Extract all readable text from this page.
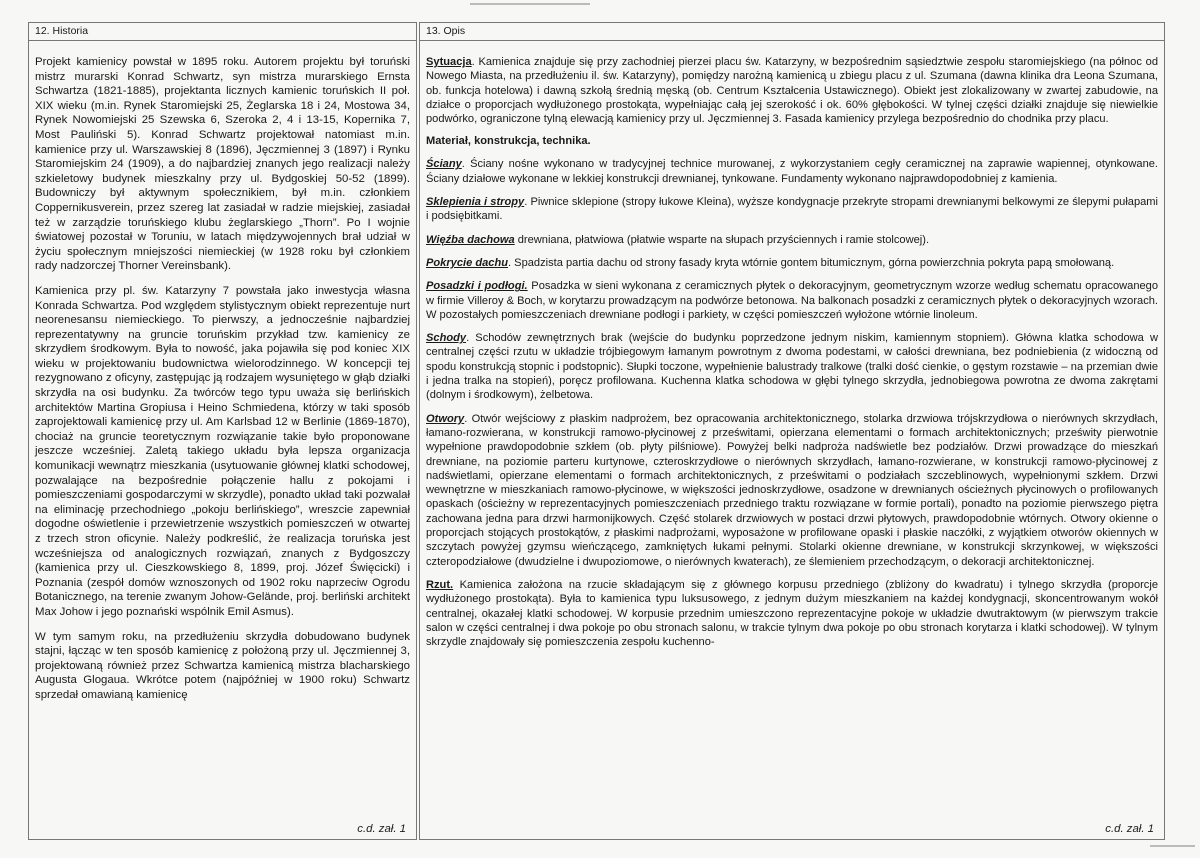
12. Historia

Projekt kamienicy powstał w 1895 roku. Autorem projektu był toruński mistrz murarski Konrad Schwartz, syn mistrza murarskiego Ernsta Schwartza (1821-1885), projektanta licznych kamienic toruńskich II poł. XIX wieku (m.in. Rynek Staromiejski 25, Żeglarska 18 i 24, Mostowa 34, Rynek Nowomiejski 25 Szewska 6, Szeroka 2, 4 i 13-15, Kopernika 7, Most Pauliński 5). Konrad Schwartz projektował natomiast m.in. kamienice przy ul. Warszawskiej 8 (1896), Jęczmiennej 3 (1897) i Rynku Staromiejskim 24 (1909), a do najbardziej znanych jego realizacji należy szkieletowy budynek mieszkalny przy ul. Bydgoskiej 50-52 (1899). Budowniczy był aktywnym społecznikiem, był m.in. członkiem Coppernikusverein, przez szereg lat zasiadał w radzie miejskiej, zasiadał też w zarządzie toruńskiego klubu żeglarskiego „Thorn”. Po I wojnie światowej pozostał w Toruniu, w latach międzywojennych brał udział w życiu społecznym mniejszości niemieckiej (w 1928 roku był członkiem rady nadzorczej Thorner Vereinsbank).

Kamienica przy pl. św. Katarzyny 7 powstała jako inwestycja własna Konrada Schwartza. Pod względem stylistycznym obiekt reprezentuje nurt neorenesansu niemieckiego. To pierwszy, a jednocześnie najbardziej reprezentatywny na gruncie toruńskim przykład tzw. kamienicy ze skrzydłem środkowym. Była to nowość, jaka pojawiła się pod koniec XIX wieku w projektowaniu budownictwa wielorodzinnego. W koncepcji tej rezygnowano z oficyny, zastępując ją rodzajem wysuniętego w głąb działki skrzydła na osi budynku. Za twórców tego typu uważa się berlińskich architektów Martina Gropiusa i Heino Schmiedena, którzy w taki sposób zaprojektowali kamienicę przy ul. Am Karlsbad 12 w Berlinie (1869-1870), chociaż na gruncie teoretycznym rozwiązanie takie było proponowane jeszcze wcześniej. Zaletą takiego układu była lepsza organizacja komunikacji wewnątrz mieszkania (usytuowanie głównej klatki schodowej, pozwalające na bezpośrednie połączenie hallu z pokojami i pomieszczeniami gospodarczymi w skrzydle), ponadto układ taki pozwalał na eliminację przechodniego „pokoju berlińskiego”, wreszcie zapewniał dogodne oświetlenie i przewietrzenie wszystkich pomieszczeń w otwartej z trzech stron oficynie. Należy podkreślić, że realizacja toruńska jest wcześniejsza od analogicznych rozwiązań, znanych z Bydgoszczy (kamienica przy ul. Cieszkowskiego 8, 1899, proj. Józef Święcicki) i Poznania (zespół domów wznoszonych od 1902 roku naprzeciw Ogrodu Botanicznego, na terenie zwanym Johow-Gelände, proj. berliński architekt Max Johow i jego poznański wspólnik Emil Asmus).

W tym samym roku, na przedłużeniu skrzydła dobudowano budynek stajni, łącząc w ten sposób kamienicę z położoną przy ul. Jęczmiennej 3, projektowaną również przez Schwartza kamienicą mistrza blacharskiego Augusta Glogaua. Wkrótce potem (najpóźniej w 1900 roku) Schwartz sprzedał omawianą kamienicę

c.d. zał. 1
13. Opis

Sytuacja. Kamienica znajduje się przy zachodniej pierzei placu św. Katarzyny, w bezpośrednim sąsiedztwie zespołu staromiejskiego (na północ od Nowego Miasta, na przedłużeniu il. św. Katarzyny), pomiędzy narożną kamienicą u zbiegu placu z ul. Szumana (dawna klinika dra Leona Szumana, ob. funkcja hotelowa) i dawną szkołą średnią męską (ob. Centrum Kształcenia Ustawicznego). Obiekt jest zlokalizowany w zwartej zabudowie, na działce o proporcjach wydłużonego prostokąta, wypełniając całą jej szerokość i ok. 60% głębokości. W tylnej części działki znajduje się niewielkie podwórko, ograniczone tylną elewacją kamienicy przy ul. Jęczmiennej 3. Fasada kamienicy przylega bezpośrednio do chodnika przy placu.

Materiał, konstrukcja, technika.

Ściany. Ściany nośne wykonano w tradycyjnej technice murowanej, z wykorzystaniem cegły ceramicznej na zaprawie wapiennej, otynkowane. Ściany działowe wykonane w lekkiej konstrukcji drewnianej, tynkowane. Fundamenty wykonano najprawdopodobniej z kamienia.

Sklepienia i stropy. Piwnice sklepione (stropy łukowe Kleina), wyższe kondygnacje przekryte stropami drewnianymi belkowymi ze ślepymi pułapami i podsiębitkami.

Więźba dachowa drewniana, płatwiowa (płatwie wsparte na słupach przyściennych i ramie stolcowej).

Pokrycie dachu. Spadzista partia dachu od strony fasady kryta wtórnie gontem bitumicznym, górna powierzchnia pokryta papą smołowaną.

Posadzki i podłogi. Posadzka w sieni wykonana z ceramicznych płytek o dekoracyjnym, geometrycznym wzorze według schematu opracowanego w firmie Villeroy & Boch, w korytarzu prowadzącym na podwórze betonowa. Na balkonach posadzki z ceramicznych płytek o dekoracyjnych wzorach. W pozostałych pomieszczeniach drewniane podłogi i parkiety, w części pomieszczeń wyłożone wtórnie linoleum.

Schody. Schodów zewnętrznych brak (wejście do budynku poprzedzone jednym niskim, kamiennym stopniem). Główna klatka schodowa w centralnej części rzutu w układzie trójbiegowym łamanym powrotnym z dwoma podestami, w całości drewniana, bez podniebienia (z widoczną od spodu konstrukcją stopnic i podstopnic). Słupki toczone, wypełnienie balustrady tralkowe (tralki dość cienkie, o gęstym rozstawie – na przemian dwie i jedna tralka na stopień), poręcz profilowana. Kuchenna klatka schodowa w głębi tylnego skrzydła, jednobiegowa powrotna ze dwoma zakrętami (dolnym i środkowym), żelbetowa.

Otwory. Otwór wejściowy z płaskim nadprożem, bez opracowania architektonicznego, stolarka drzwiowa trójskrzydłowa o nierównych skrzydłach, łamano-rozwierana, w konstrukcji ramowo-płycinowej z prześwitami, opierzana elementami o formach architektonicznych; prześwity pierwotnie wypełnione prawdopodobnie szkłem (ob. płyty pilśniowe). Powyżej belki nadproża nadświetle bez podziałów. Drzwi prowadzące do mieszkań drewniane, na poziomie parteru kurtynowe, czteroskrzydłowe o nierównych skrzydłach, łamano-rozwierane, w konstrukcji ramowo-płycinowej z nadświetlami, opierzane elementami o formach architektonicznych, z prześwitami o podziałach szczeblinowych, wypełnionymi szkłem. Drzwi wewnętrzne w mieszkaniach ramowo-płycinowe, w większości jednoskrzydłowe, osadzone w drewnianych ościeżnych płycinowych o profilowanych opaskach (ościeżny w reprezentacyjnych pomieszczeniach przedniego traktu rozwiązane w formie portali), ponadto na poziomie pierwszego piętra zachowana jedna para drzwi harmonijkowych. Część stolarek drzwiowych w postaci drzwi płytowych, prawdopodobnie wtórnych. Otwory okienne o proporcjach stojących prostokątów, z płaskimi nadprożami, wyposażone w profilowane opaski i płaskie naczółki, z wyjątkiem otworów okiennych w szczytach powyżej gzymsu wieńczącego, zamkniętych łukami pełnymi. Stolarki okienne drewniane, w konstrukcji skrzynkowej, w większości czteropodziałowe (dwudzielne i dwupoziomowe, o nierównych kwaterach), ze ślemieniem przechodzącym, o dekoracji architektonicznej.

Rzut. Kamienica założona na rzucie składającym się z głównego korpusu przedniego (zbliżony do kwadratu) i tylnego skrzydła (proporcje wydłużonego prostokąta). Była to kamienica typu luksusowego, z jednym dużym mieszkaniem na każdej kondygnacji, skoncentrowanym wokół centralnej, okazałej klatki schodowej. W korpusie przednim umieszczono reprezentacyjne pokoje w układzie dwutraktowym (w pierwszym trakcie salon w części centralnej i dwa pokoje po obu stronach salonu, w trakcie tylnym dwa pokoje po obu stronach korytarza i klatki schodowej). W tylnym skrzydle znajdowały się pomieszczenia zespołu kuchenno-

c.d. zał. 1
